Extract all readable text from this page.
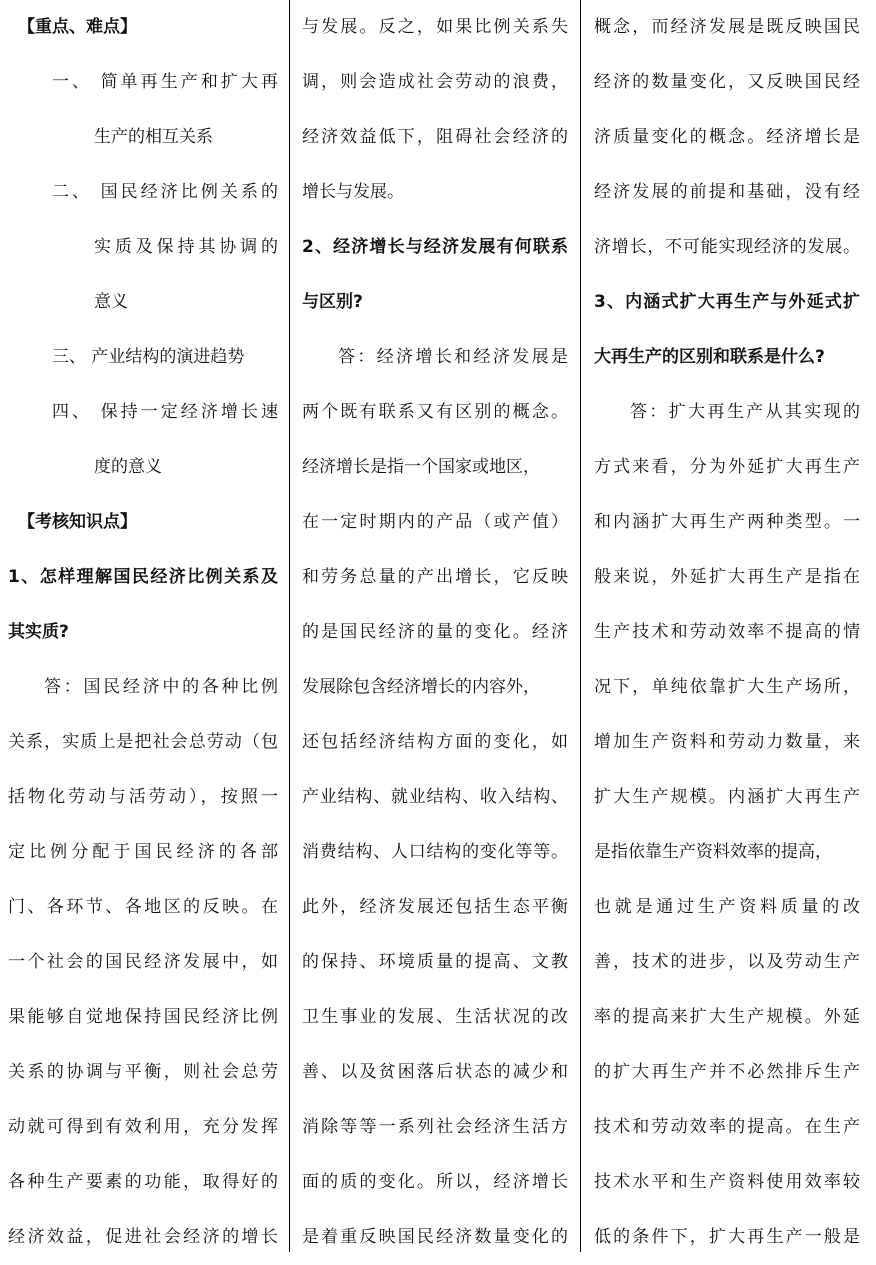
【重点、难点】
一、 简单再生产和扩大再
生产的相互关系
二、 国民经济比例关系的
实质及保持其协调的
意义
三、 产业结构的演进趋势
四、 保持一定经济增长速
度的意义
【考核知识点】
1、怎样理解国民经济比例关系及
其实质?
答：国民经济中的各种比例
关系，实质上是把社会总劳动（包
括物化劳动与活劳动），按照一
定比例分配于国民经济的各部
门、各环节、各地区的反映。在
一个社会的国民经济发展中，如
果能够自觉地保持国民经济比例
关系的协调与平衡，则社会总劳
动就可得到有效利用，充分发挥
各种生产要素的功能，取得好的
经济效益，促进社会经济的增长
与发展。反之，如果比例关系失
调，则会造成社会劳动的浪费，
经济效益低下，阻碍社会经济的
增长与发展。
2、经济增长与经济发展有何联系
与区别?
答：经济增长和经济发展是
两个既有联系又有区别的概念。
经济增长是指一个国家或地区，
在一定时期内的产品（或产值）
和劳务总量的产出增长，它反映
的是国民经济的量的变化。经济
发展除包含经济增长的内容外，
还包括经济结构方面的变化，如
产业结构、就业结构、收入结构、
消费结构、人口结构的变化等等。
此外，经济发展还包括生态平衡
的保持、环境质量的提高、文教
卫生事业的发展、生活状况的改
善、以及贫困落后状态的减少和
消除等等一系列社会经济生活方
面的质的变化。所以，经济增长
是着重反映国民经济数量变化的
概念，而经济发展是既反映国民
经济的数量变化，又反映国民经
济质量变化的概念。经济增长是
经济发展的前提和基础，没有经
济增长，不可能实现经济的发展。
3、内涵式扩大再生产与外延式扩
大再生产的区别和联系是什么?
答：扩大再生产从其实现的
方式来看，分为外延扩大再生产
和内涵扩大再生产两种类型。一
般来说，外延扩大再生产是指在
生产技术和劳动效率不提高的情
况下，单纯依靠扩大生产场所，
增加生产资料和劳动力数量，来
扩大生产规模。内涵扩大再生产
是指依靠生产资料效率的提高，
也就是通过生产资料质量的改
善，技术的进步，以及劳动生产
率的提高来扩大生产规模。外延
的扩大再生产并不必然排斥生产
技术和劳动效率的提高。在生产
技术水平和生产资料使用效率较
低的条件下，扩大再生产一般是
